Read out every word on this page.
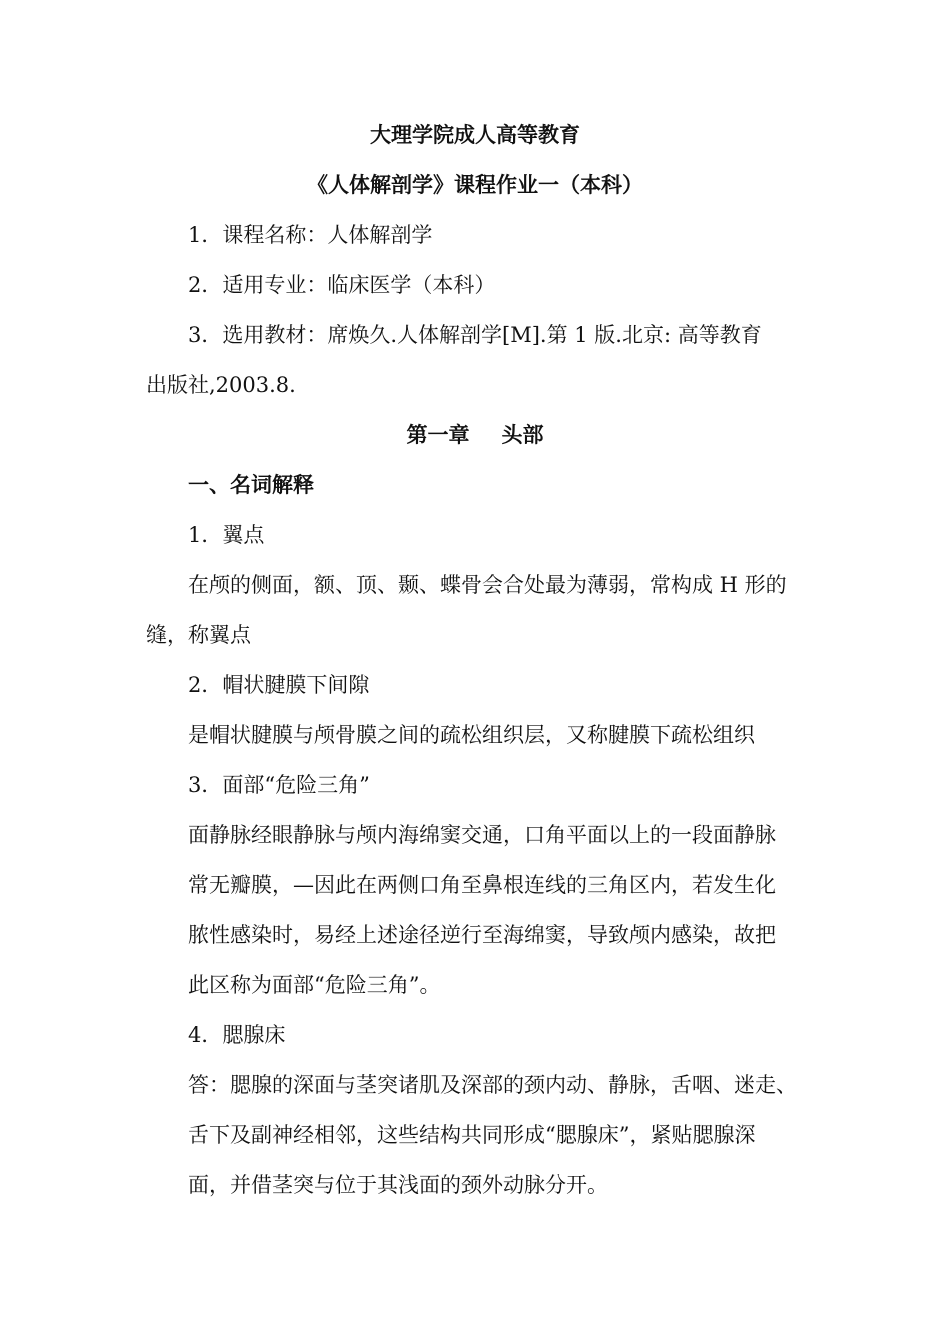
大理学院成人高等教育
《人体解剖学》课程作业一（本科）
1．课程名称：人体解剖学
2．适用专业：临床医学（本科）
3．选用教材：席焕久.人体解剖学[M].第 1 版.北京: 高等教育
出版社,2003.8.
第一章 头部
一、名词解释
1．翼点
在颅的侧面，额、顶、颞、蝶骨会合处最为薄弱，常构成 H 形的
缝，称翼点
2．帽状腱膜下间隙
是帽状腱膜与颅骨膜之间的疏松组织层，又称腱膜下疏松组织
3．面部“危险三角”
面静脉经眼静脉与颅内海绵窦交通，口角平面以上的一段面静脉
常无瓣膜，—因此在两侧口角至鼻根连线的三角区内，若发生化
脓性感染时，易经上述途径逆行至海绵窦，导致颅内感染，故把
此区称为面部“危险三角”。
4．腮腺床
答：腮腺的深面与茎突诸肌及深部的颈内动、静脉，舌咽、迷走、
舌下及副神经相邻，这些结构共同形成“腮腺床”，紧贴腮腺深
面，并借茎突与位于其浅面的颈外动脉分开。
